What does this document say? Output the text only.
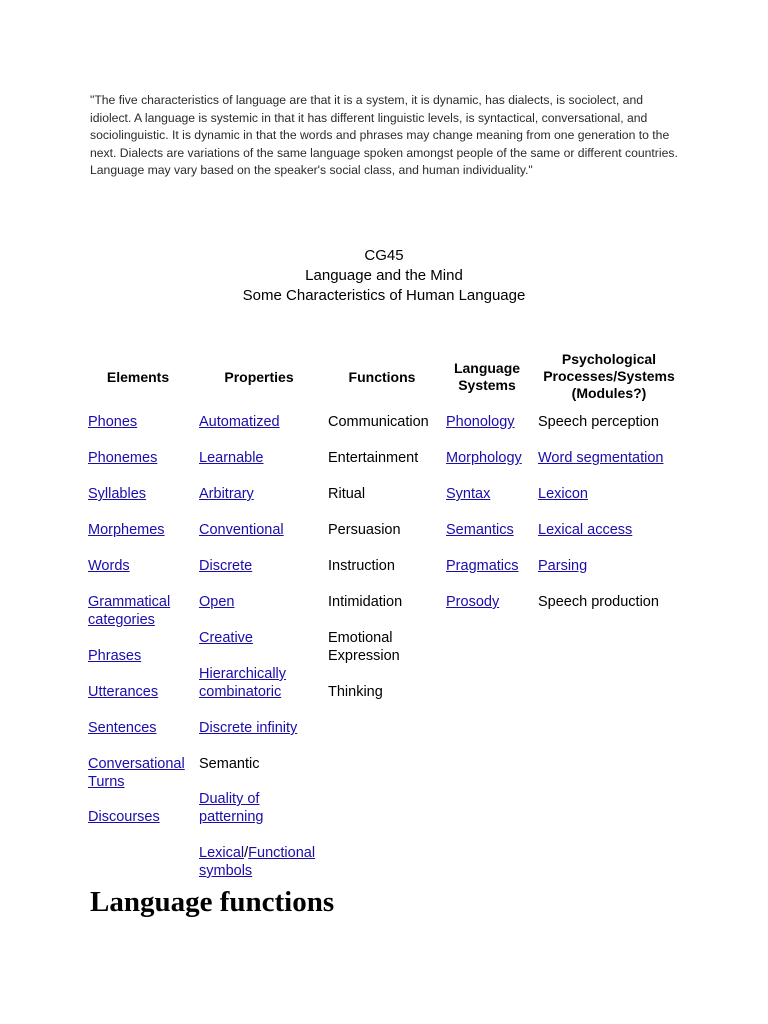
"The five characteristics of language are that it is a system, it is dynamic, has dialects, is sociolect, and idiolect. A language is systemic in that it has different linguistic levels, is syntactical, conversational, and sociolinguistic. It is dynamic in that the words and phrases may change meaning from one generation to the next. Dialects are variations of the same language spoken amongst people of the same or different countries. Language may vary based on the speaker's social class, and human individuality."

CG45

Language and the Mind

Some Characteristics of Human Language

Elements	Properties	Functions
Language Systems
Psychological Processes/Systems (Modules?)
Phones
Phonemes
Syllables
Morphemes
Words
Grammatical categories
Phrases
Utterances
Sentences
Conversational Turns
Discourses
Automatized
Learnable
Arbitrary
Conventional
Discrete
Open
Creative
Hierarchically combinatoric
Discrete infinity
Semantic
Duality of patterning
Lexical/Functional symbols
Communication
Entertainment
Ritual
Persuasion
Instruction
Intimidation
Emotional Expression
Thinking
Phonology
Morphology
Syntax
Semantics
Pragmatics
Prosody
Speech perception
Word segmentation
Lexicon
Lexical access
Parsing
Speech production
Language functions
